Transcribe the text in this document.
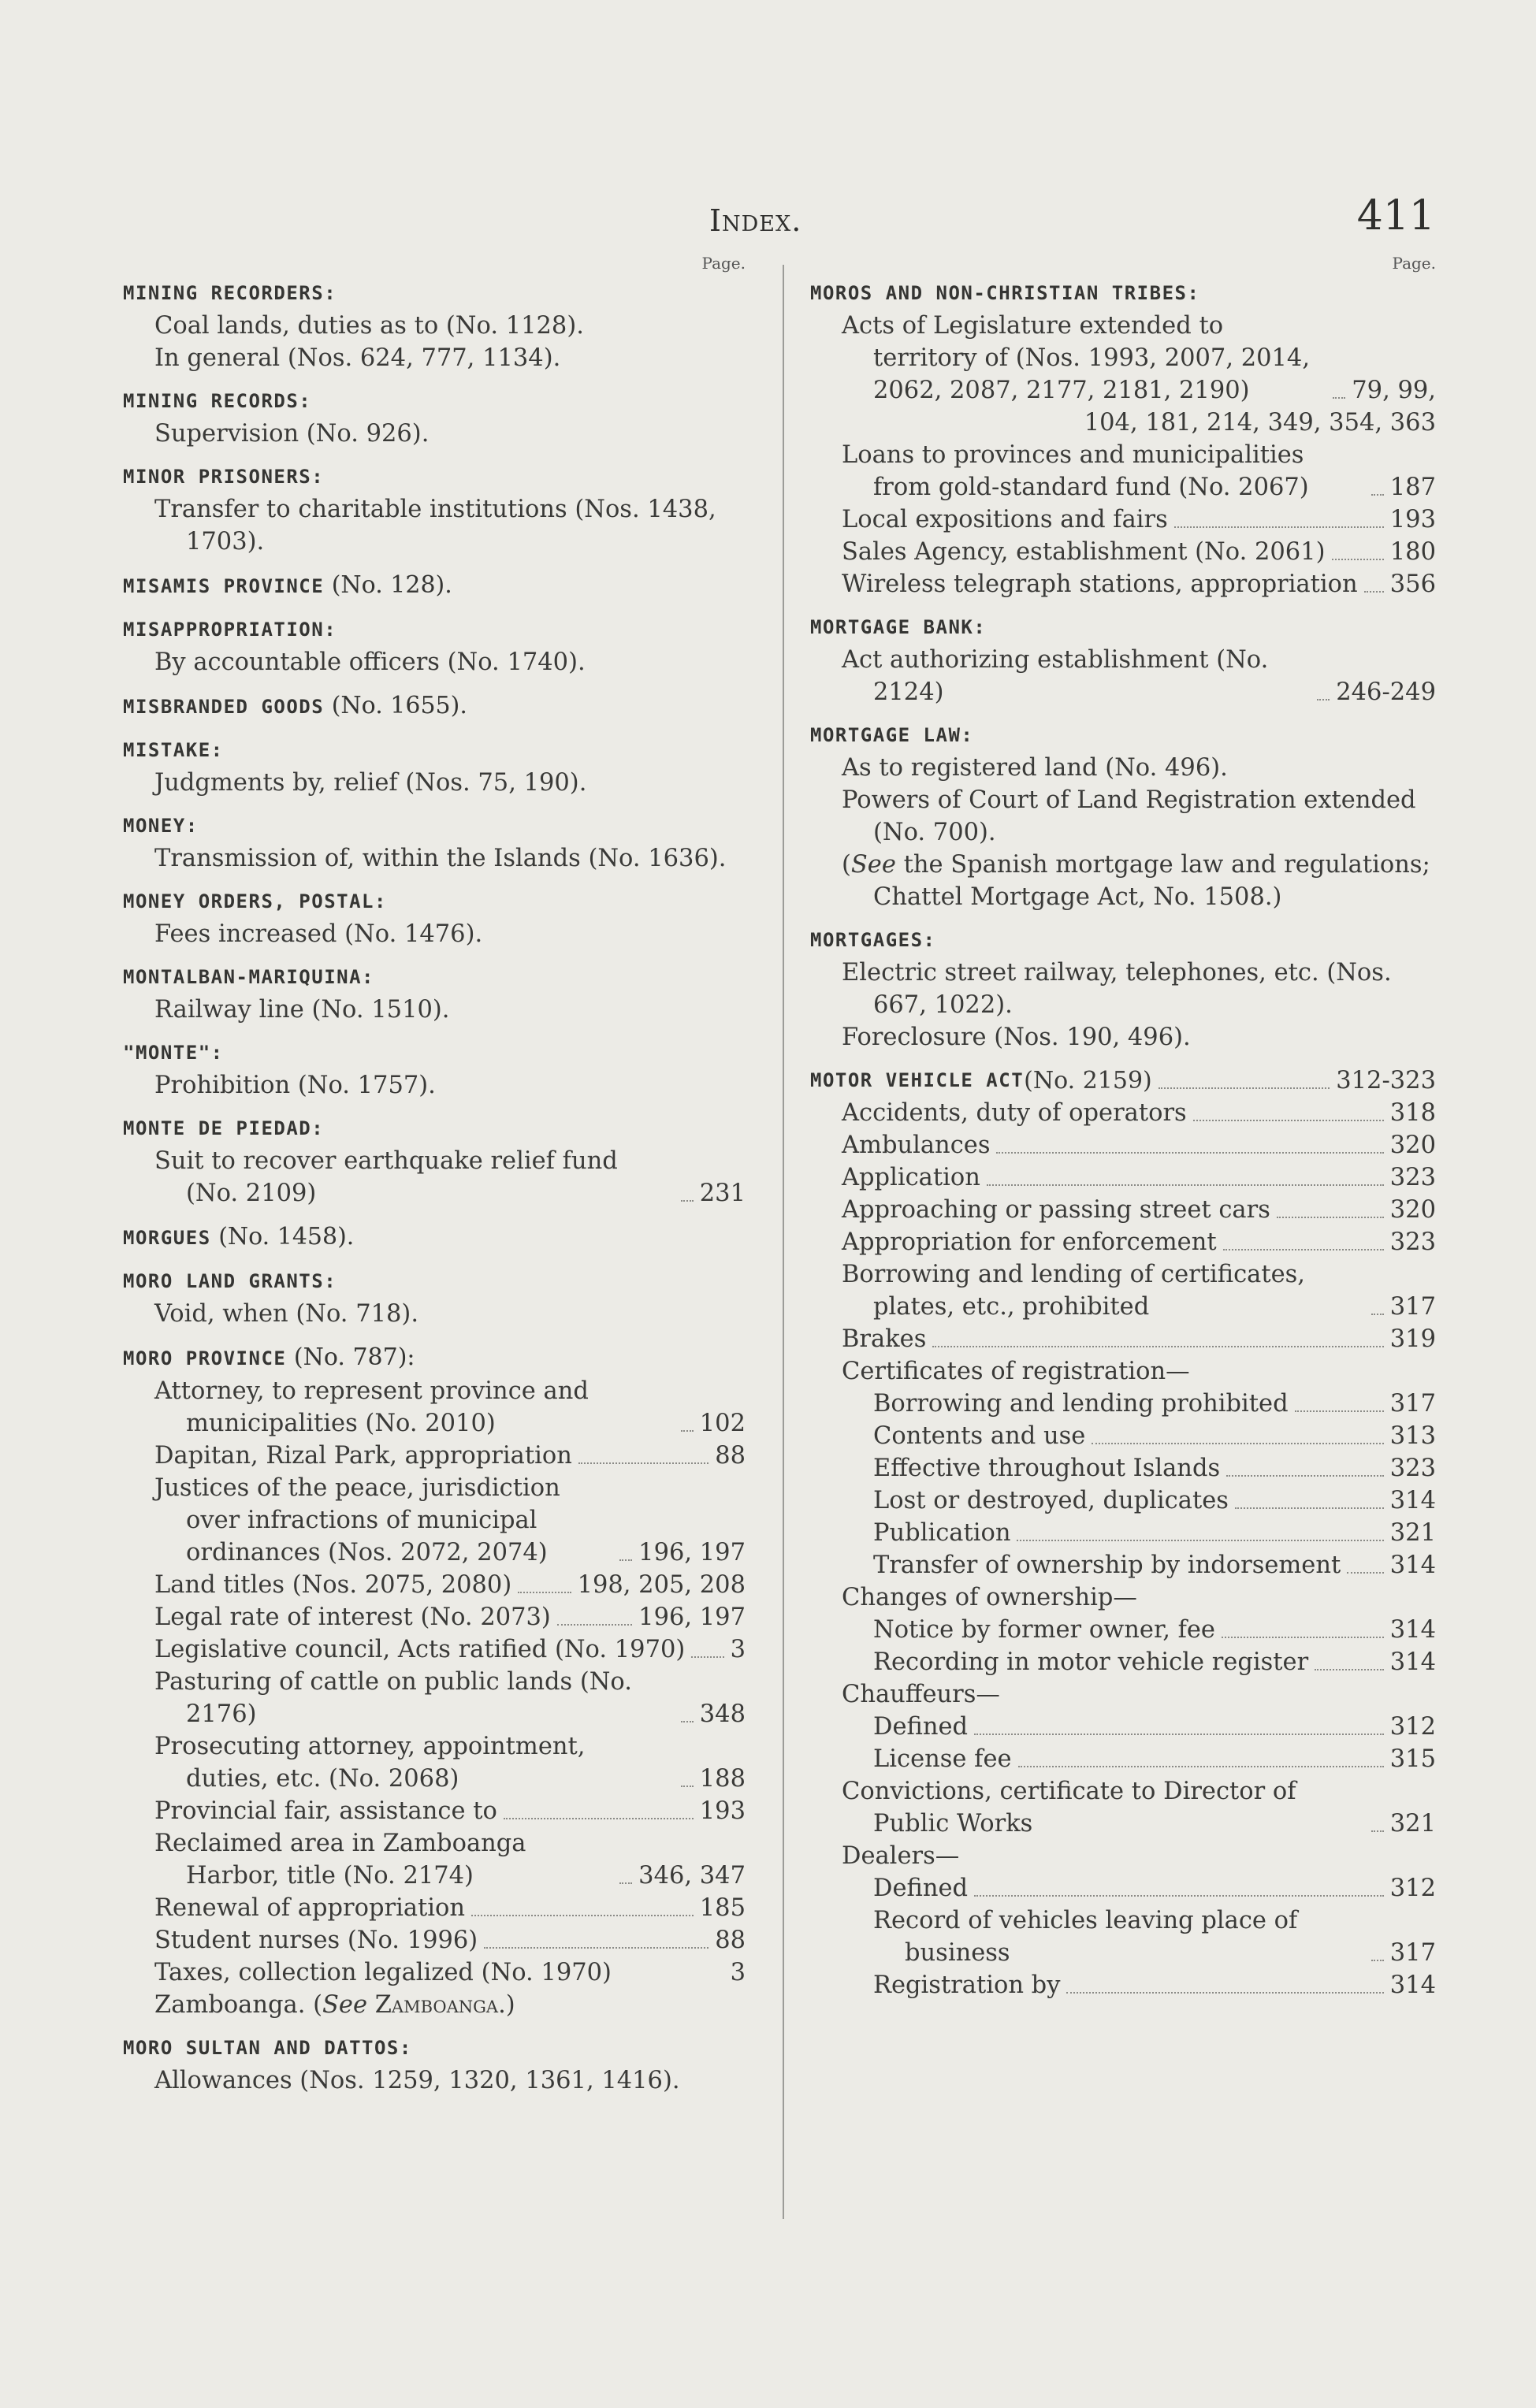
Index.	411
Page.
MINING RECORDERS:
Coal lands, duties as to (No. 1128).
In general (Nos. 624, 777, 1134).
MINING RECORDS:
Supervision (No. 926).
MINOR PRISONERS:
Transfer to charitable institutions (Nos. 1438, 1703).
MISAMIS PROVINCE (No. 128).
MISAPPROPRIATION:
By accountable officers (No. 1740).
MISBRANDED GOODS (No. 1655).
MISTAKE:
Judgments by, relief (Nos. 75, 190).
MONEY:
Transmission of, within the Islands (No. 1636).
MONEY ORDERS, POSTAL:
Fees increased (No. 1476).
MONTALBAN-MARIQUINA:
Railway line (No. 1510).
"MONTE":
Prohibition (No. 1757).
MONTE DE PIEDAD:
Suit to recover earthquake relief fund (No. 2109)	231
MORGUES (No. 1458).
MORO LAND GRANTS:
Void, when (No. 718).
MORO PROVINCE (No. 787):
Attorney, to represent province and municipalities (No. 2010)	102
Dapitan, Rizal Park, appropriation	88
Justices of the peace, jurisdiction over infractions of municipal ordinances (Nos. 2072, 2074)	196, 197
Land titles (Nos. 2075, 2080)	198, 205, 208
Legal rate of interest (No. 2073)	196, 197
Legislative council, Acts ratified (No. 1970) 3
Pasturing of cattle on public lands (No. 2176)	348
Prosecuting attorney, appointment, duties, etc. (No. 2068)	188
Provincial fair, assistance to	193
Reclaimed area in Zamboanga Harbor, title (No. 2174)	346, 347
Renewal of appropriation	185
Student nurses (No. 1996)	88
Taxes, collection legalized (No. 1970)	3
Zamboanga. (See Zamboanga.)
MORO SULTAN AND DATTOS:
Allowances (Nos. 1259, 1320, 1361, 1416).
Page.
MOROS AND NON-CHRISTIAN TRIBES:
Acts of Legislature extended to territory of (Nos. 1993, 2007, 2014, 2062, 2087, 2177, 2181, 2190)	79, 99,
104, 181, 214, 349, 354, 363
Loans to provinces and municipalities from gold-standard fund (No. 2067)	187
Local expositions and fairs	193
Sales Agency, establishment (No. 2061)	180
Wireless telegraph stations, appropriation 356
MORTGAGE BANK:
Act authorizing establishment (No. 2124)	246-249
MORTGAGE LAW:
As to registered land (No. 496).
Powers of Court of Land Registration extended (No. 700).
(See the Spanish mortgage law and regulations; Chattel Mortgage Act, No. 1508.)
MORTGAGES:
Electric street railway, telephones, etc. (Nos. 667, 1022).
Foreclosure (Nos. 190, 496).
MOTOR VEHICLE ACT (No. 2159)	312-323
Accidents, duty of operators	318
Ambulances	320
Application	323
Approaching or passing street cars	320
Appropriation for enforcement	323
Borrowing and lending of certificates, plates, etc., prohibited	317
Brakes	319
Certificates of registration—
Borrowing and lending prohibited	317
Contents and use	313
Effective throughout Islands	323
Lost or destroyed, duplicates	314
Publication	321
Transfer of ownership by indorsement 314
Changes of ownership—
Notice by former owner, fee	314
Recording in motor vehicle register	314
Chauffeurs—
Defined	312
License fee	315
Convictions, certificate to Director of Public Works	321
Dealers—
Defined	312
Record of vehicles leaving place of business	317
Registration by	314
